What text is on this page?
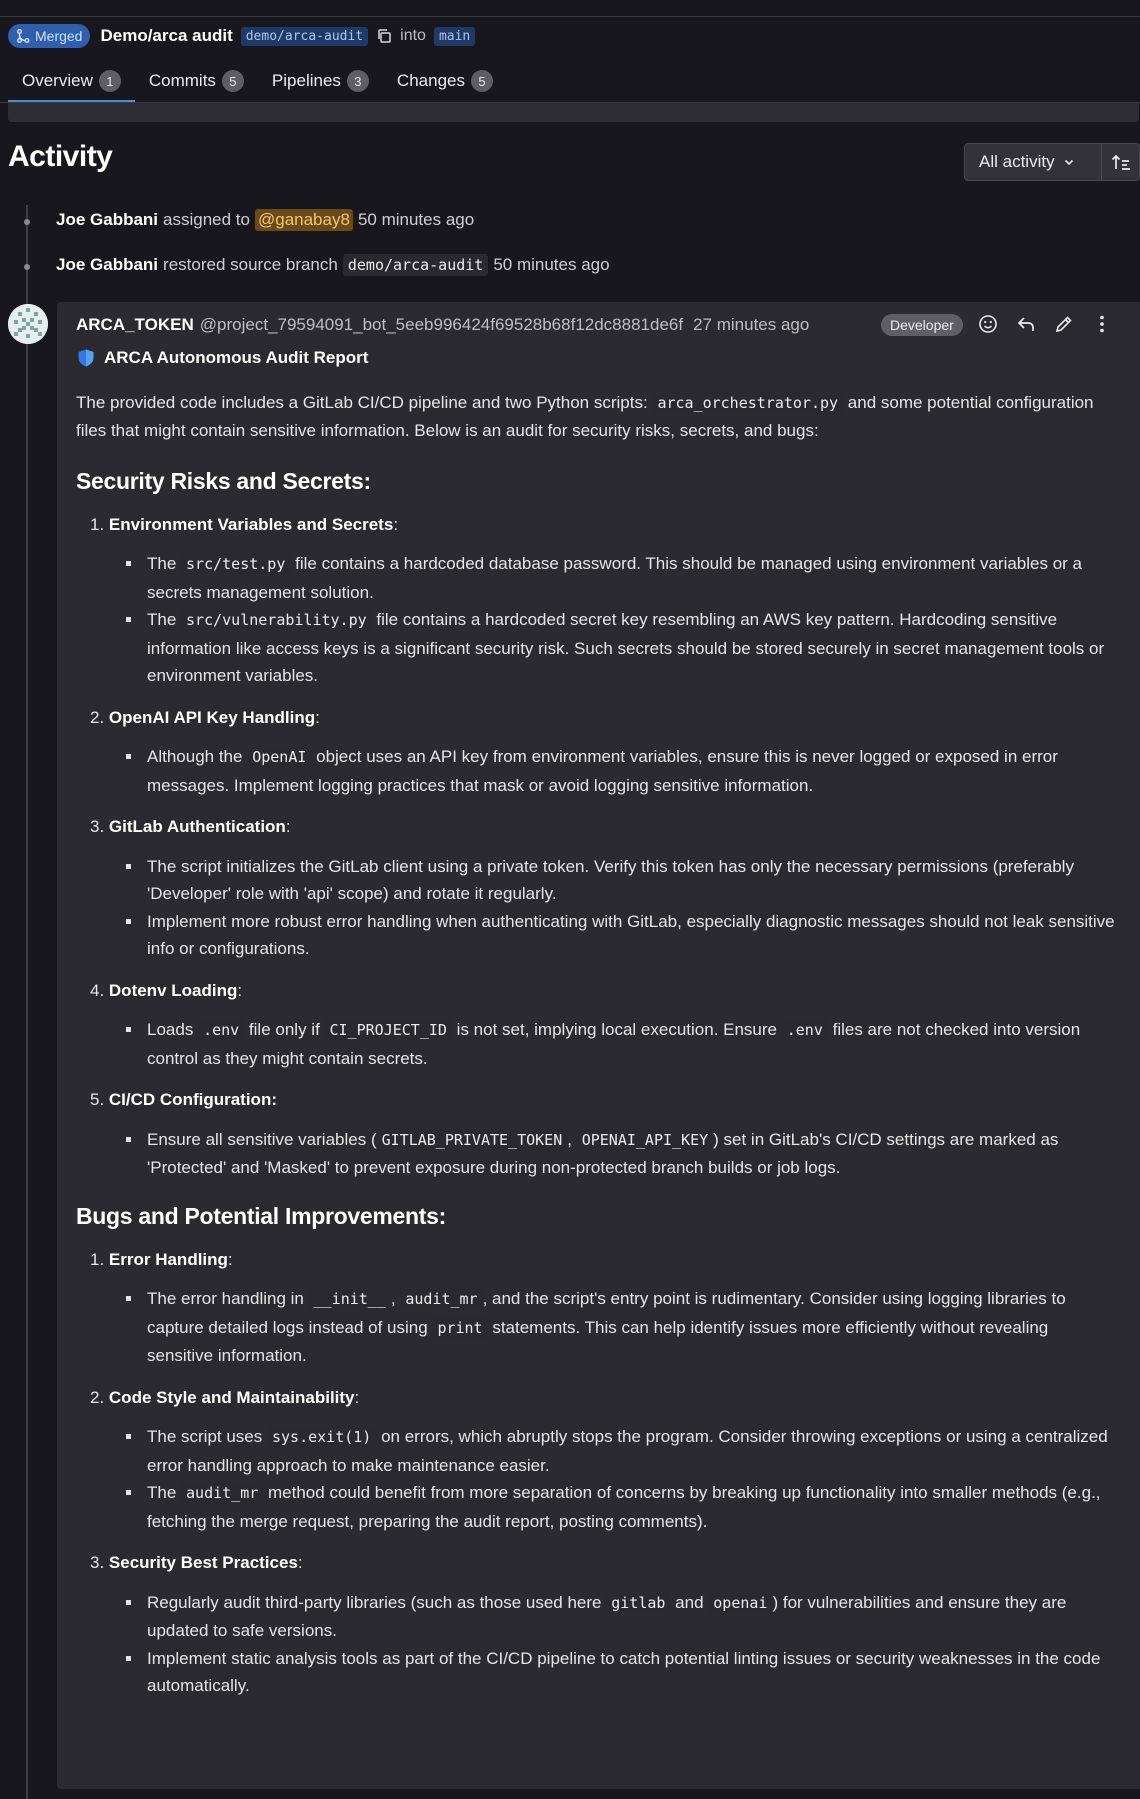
Merged Demo/arca audit	demo/arca-audit	into	main
Overview	1	Commits	5	Pipelines	3	Changes	5
Activity	All activity
Joe Gabbani assigned to @ganabay8 50 minutes ago
Joe Gabbani restored source branch demo/arca-audit 50 minutes ago
ARCA_TOKEN @project_79594091_bot_5eeb996424f69528b68f12dc8881de6f 27 minutes ago	Developer
ARCA Autonomous Audit Report

The provided code includes a GitLab CI/CD pipeline and two Python scripts: arca_orchestrator.py and some potential configuration files that might contain sensitive information. Below is an audit for security risks, secrets, and bugs:

Security Risks and Secrets:
1. Environment Variables and Secrets:
▪ The src/test.py file contains a hardcoded database password. This should be managed using environment variables or a secrets management solution.
▪ The src/vulnerability.py file contains a hardcoded secret key resembling an AWS key pattern. Hardcoding sensitive information like access keys is a significant security risk. Such secrets should be stored securely in secret management tools or environment variables.
2. OpenAI API Key Handling:
▪ Although the OpenAI object uses an API key from environment variables, ensure this is never logged or exposed in error messages. Implement logging practices that mask or avoid logging sensitive information.
3. GitLab Authentication:
▪ The script initializes the GitLab client using a private token. Verify this token has only the necessary permissions (preferably 'Developer' role with 'api' scope) and rotate it regularly.
▪ Implement more robust error handling when authenticating with GitLab, especially diagnostic messages should not leak sensitive info or configurations.
4. Dotenv Loading:
▪ Loads .env file only if CI_PROJECT_ID is not set, implying local execution. Ensure .env files are not checked into version control as they might contain secrets.
5. CI/CD Configuration:
▪ Ensure all sensitive variables ( GITLAB_PRIVATE_TOKEN , OPENAI_API_KEY ) set in GitLab's CI/CD settings are marked as 'Protected' and 'Masked' to prevent exposure during non-protected branch builds or job logs.
Bugs and Potential Improvements:
1. Error Handling:
▪ The error handling in __init__ , audit_mr , and the script's entry point is rudimentary. Consider using logging libraries to capture detailed logs instead of using print statements. This can help identify issues more efficiently without revealing sensitive information.
2. Code Style and Maintainability:
▪ The script uses sys.exit(1) on errors, which abruptly stops the program. Consider throwing exceptions or using a centralized error handling approach to make maintenance easier.
▪ The audit_mr method could benefit from more separation of concerns by breaking up functionality into smaller methods (e.g., fetching the merge request, preparing the audit report, posting comments).
3. Security Best Practices:
▪ Regularly audit third-party libraries (such as those used here gitlab and openai ) for vulnerabilities and ensure they are updated to safe versions.
▪ Implement static analysis tools as part of the CI/CD pipeline to catch potential linting issues or security weaknesses in the code automatically.
